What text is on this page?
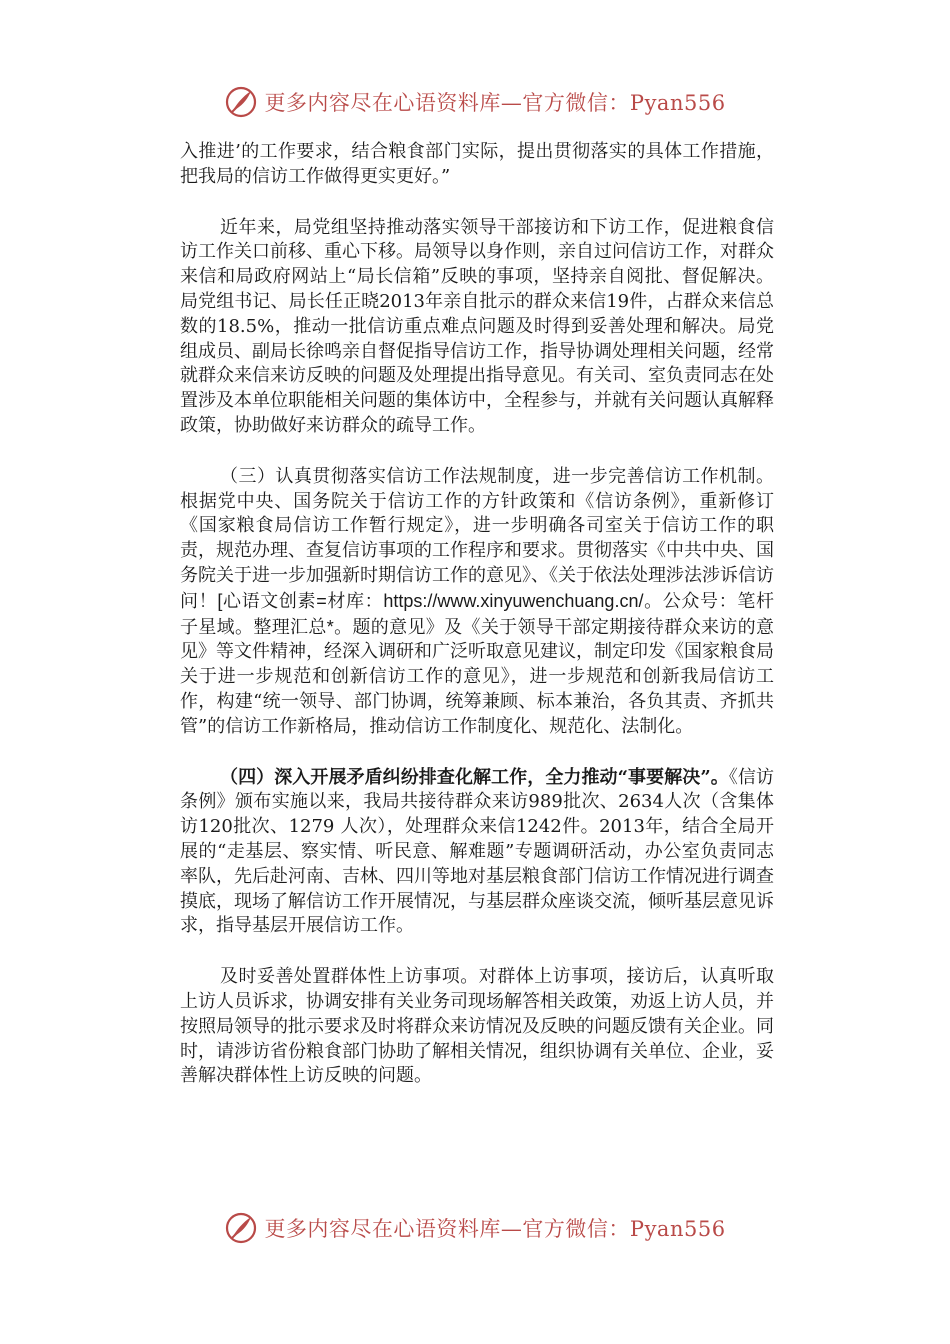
更多内容尽在心语资料库—官方微信：Pyan556

入推进’的工作要求，结合粮食部门实际，提出贯彻落实的具体工作措施，把我局的信访工作做得更实更好。”

近年来，局党组坚持推动落实领导干部接访和下访工作，促进粮食信访工作关口前移、重心下移。局领导以身作则，亲自过问信访工作，对群众来信和局政府网站上“局长信箱”反映的事项，坚持亲自阅批、督促解决。局党组书记、局长任正晓2013年亲自批示的群众来信19件，占群众来信总数的18.5%，推动一批信访重点难点问题及时得到妥善处理和解决。局党组成员、副局长徐鸣亲自督促指导信访工作，指导协调处理相关问题，经常就群众来信来访反映的问题及处理提出指导意见。有关司、室负责同志在处置涉及本单位职能相关问题的集体访中，全程参与，并就有关问题认真解释政策，协助做好来访群众的疏导工作。

（三）认真贯彻落实信访工作法规制度，进一步完善信访工作机制。根据党中央、国务院关于信访工作的方针政策和《信访条例》，重新修订《国家粮食局信访工作暂行规定》，进一步明确各司室关于信访工作的职责，规范办理、查复信访事项的工作程序和要求。贯彻落实《中共中央、国务院关于进一步加强新时期信访工作的意见》、《关于依法处理涉法涉诉信访问！[心语文创素=材库：https://www.xinyuwenchuang.cn/。公众号：笔杆子星域。整理汇总*。题的意见》及《关于领导干部定期接待群众来访的意见》等文件精神，经深入调研和广泛听取意见建议，制定印发《国家粮食局关于进一步规范和创新信访工作的意见》，进一步规范和创新我局信访工作，构建“统一领导、部门协调，统筹兼顾、标本兼治，各负其责、齐抓共管”的信访工作新格局，推动信访工作制度化、规范化、法制化。

（四）深入开展矛盾纠纷排查化解工作，全力推动“事要解决”。《信访条例》颁布实施以来，我局共接待群众来访989批次、2634人次（含集体访120批次、1279 人次），处理群众来信1242件。2013年，结合全局开展的“走基层、察实情、听民意、解难题”专题调研活动，办公室负责同志率队，先后赴河南、吉林、四川等地对基层粮食部门信访工作情况进行调查摸底，现场了解信访工作开展情况，与基层群众座谈交流，倾听基层意见诉求，指导基层开展信访工作。

及时妥善处置群体性上访事项。对群体上访事项，接访后，认真听取上访人员诉求，协调安排有关业务司现场解答相关政策，劝返上访人员，并按照局领导的批示要求及时将群众来访情况及反映的问题反馈有关企业。同时，请涉访省份粮食部门协助了解相关情况，组织协调有关单位、企业，妥善解决群体性上访反映的问题。

更多内容尽在心语资料库—官方微信：Pyan556
